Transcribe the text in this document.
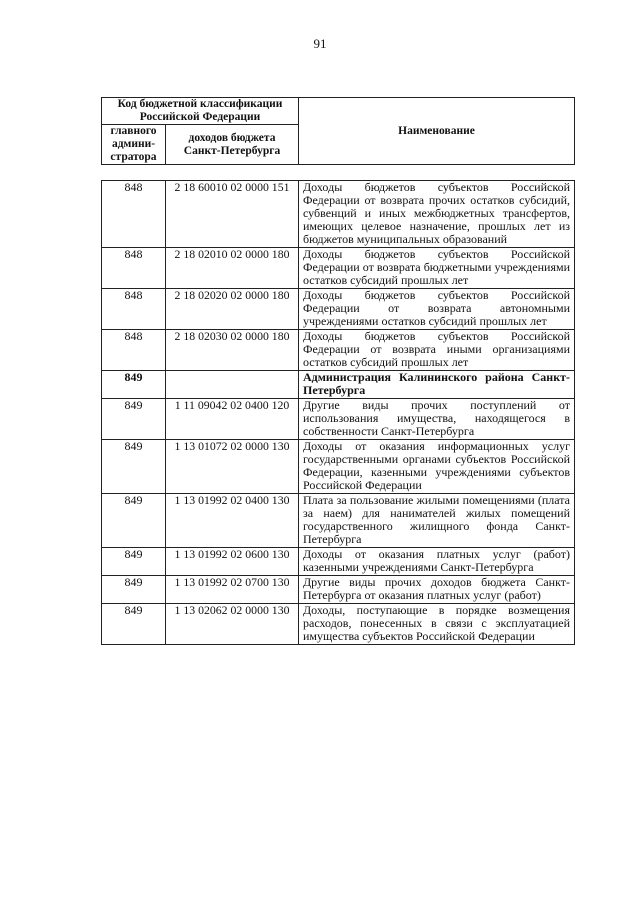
91
Код бюджетной классификации Российской Федерации		Наименование
главного админи-стратора	доходов бюджета Санкт-Петербурга	
848	2 18 60010 02 0000 151	Доходы бюджетов субъектов Российской Федерации от возврата прочих остатков субсидий, субвенций и иных межбюджетных трансфертов, имеющих целевое назначение, прошлых лет из бюджетов муниципальных образований
848	2 18 02010 02 0000 180	Доходы бюджетов субъектов Российской Федерации от возврата бюджетными учреждениями остатков субсидий прошлых лет
848	2 18 02020 02 0000 180	Доходы бюджетов субъектов Российской Федерации от возврата автономными учреждениями остатков субсидий прошлых лет
848	2 18 02030 02 0000 180	Доходы бюджетов субъектов Российской Федерации от возврата иными организациями остатков субсидий прошлых лет
849		Администрация Калининского района Санкт-Петербурга
849	1 11 09042 02 0400 120	Другие виды прочих поступлений от использования имущества, находящегося в собственности Санкт-Петербурга
849	1 13 01072 02 0000 130	Доходы от оказания информационных услуг государственными органами субъектов Российской Федерации, казенными учреждениями субъектов Российской Федерации
849	1 13 01992 02 0400 130	Плата за пользование жилыми помещениями (плата за наем) для нанимателей жилых помещений государственного жилищного фонда Санкт-Петербурга
849	1 13 01992 02 0600 130	Доходы от оказания платных услуг (работ) казенными учреждениями Санкт-Петербурга
849	1 13 01992 02 0700 130	Другие виды прочих доходов бюджета Санкт-Петербурга от оказания платных услуг (работ)
849	1 13 02062 02 0000 130	Доходы, поступающие в порядке возмещения расходов, понесенных в связи с эксплуатацией имущества субъектов Российской Федерации
